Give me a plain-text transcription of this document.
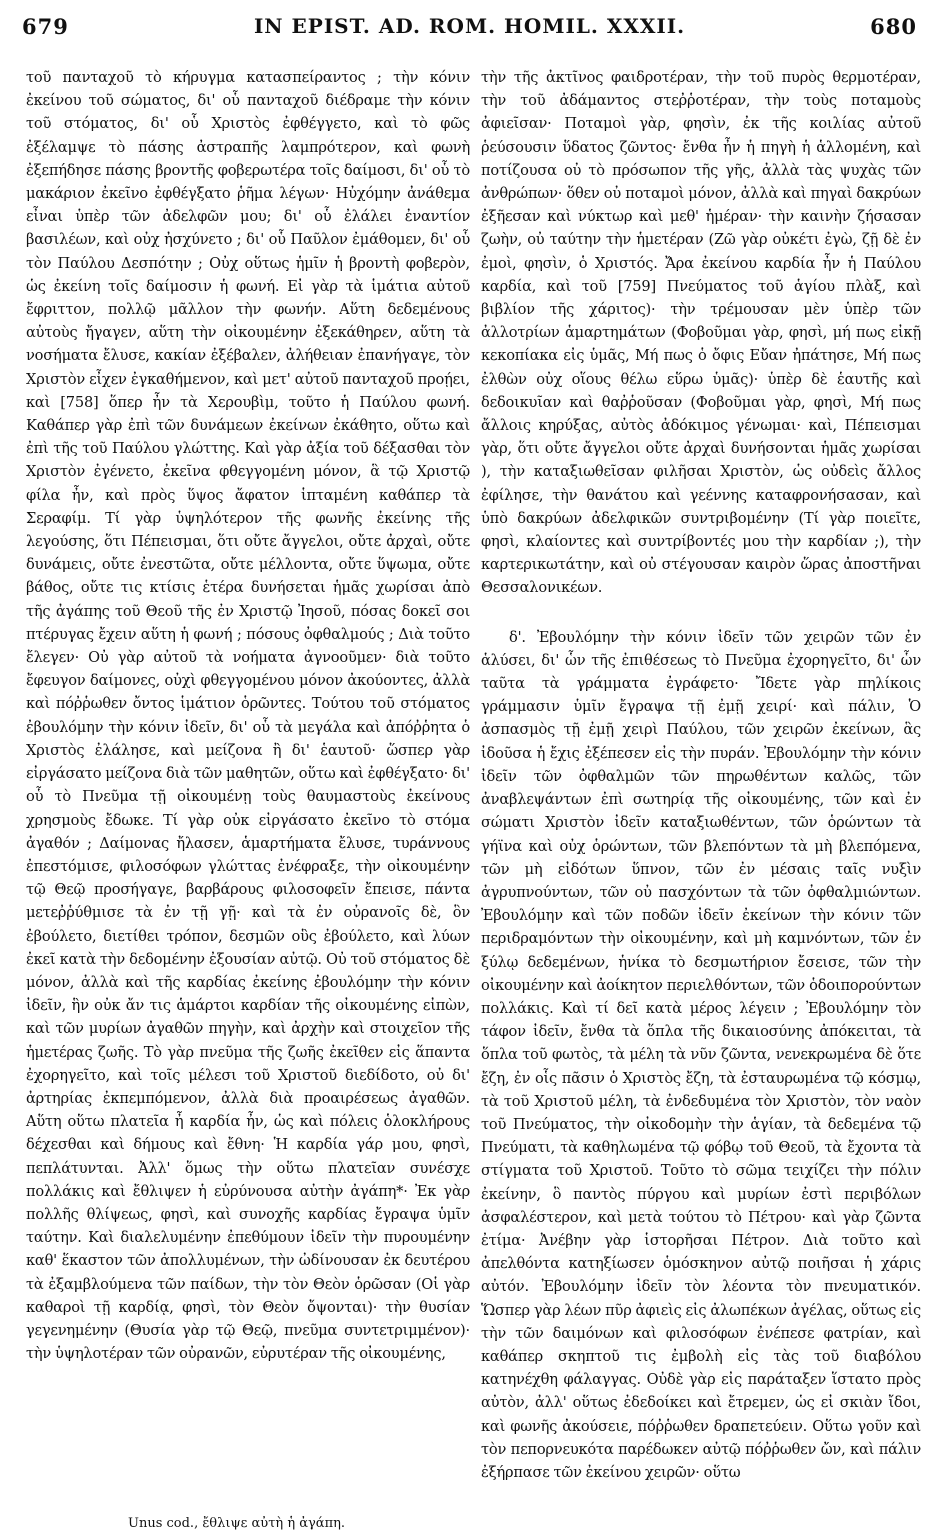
679	IN EPIST. AD. ROM. HOMIL. XXXII.	680

τοῦ πανταχοῦ τὸ κήρυγμα κατασπείραντος ; τὴν κόνιν ἐκείνου τοῦ σώματος, δι' οὗ πανταχοῦ διέδραμε τὴν κόνιν τοῦ στόματος, δι' οὗ Χριστὸς ἐφθέγγετο, καὶ τὸ φῶς ἐξέλαμψε τὸ πάσης ἀστραπῆς λαμπρότερον, καὶ φωνὴ ἐξεπήδησε πάσης βροντῆς φοβερωτέρα τοῖς δαίμοσι, δι' οὗ τὸ μακάριον ἐκεῖνο ἐφθέγξατο ῥῆμα λέγων· Ηὐχόμην ἀνάθεμα εἶναι ὑπὲρ τῶν ἀδελφῶν μου; δι' οὗ ἐλάλει ἐναντίον βασιλέων, καὶ οὐχ ἠσχύνετο ; δι' οὗ Παῦλον ἐμάθομεν, δι' οὗ τὸν Παύλου Δεσπότην ; Οὐχ οὕτως ἡμῖν ἡ βροντὴ φοβερὸν, ὡς ἐκείνη τοῖς δαίμοσιν ἡ φωνή. Εἰ γὰρ τὰ ἱμάτια αὐτοῦ ἔφριττον, πολλῷ μᾶλλον τὴν φωνήν. Αὕτη δεδεμένους αὐτοὺς ἤγαγεν, αὕτη τὴν οἰκουμένην ἐξεκάθηρεν, αὕτη τὰ νοσήματα ἔλυσε, κακίαν ἐξέβαλεν, ἀλήθειαν ἐπανήγαγε, τὸν Χριστὸν εἶχεν ἐγκαθήμενον, καὶ μετ' αὐτοῦ πανταχοῦ προῄει, καὶ [758] ὅπερ ἦν τὰ Χερουβὶμ, τοῦτο ἡ Παύλου φωνή. Καθάπερ γὰρ ἐπὶ τῶν δυνάμεων ἐκείνων ἐκάθητο, οὕτω καὶ ἐπὶ τῆς τοῦ Παύλου γλώττης. Καὶ γὰρ ἀξία τοῦ δέξασθαι τὸν Χριστὸν ἐγένετο, ἐκεῖνα φθεγγομένη μόνον, ἃ τῷ Χριστῷ φίλα ἦν, καὶ πρὸς ὕψος ἄφατον ἱπταμένη καθάπερ τὰ Σεραφίμ. Τί γὰρ ὑψηλότερον τῆς φωνῆς ἐκείνης τῆς λεγούσης, ὅτι Πέπεισμαι, ὅτι οὔτε ἄγγελοι, οὔτε ἀρχαὶ, οὔτε δυνάμεις, οὔτε ἐνεστῶτα, οὔτε μέλλοντα, οὔτε ὕψωμα, οὔτε βάθος, οὔτε τις κτίσις ἑτέρα δυνήσεται ἡμᾶς χωρίσαι ἀπὸ τῆς ἀγάπης τοῦ Θεοῦ τῆς ἐν Χριστῷ Ἰησοῦ, πόσας δοκεῖ σοι πτέρυγας ἔχειν αὕτη ἡ φωνή ; πόσους ὀφθαλμούς ; Διὰ τοῦτο ἔλεγεν· Οὐ γὰρ αὐτοῦ τὰ νοήματα ἀγνοοῦμεν· διὰ τοῦτο ἔφευγον δαίμονες, οὐχὶ φθεγγομένου μόνον ἀκούοντες, ἀλλὰ καὶ πόῤῥωθεν ὄντος ἱμάτιον ὁρῶντες. Τούτου τοῦ στόματος ἐβουλόμην τὴν κόνιν ἰδεῖν, δι' οὗ τὰ μεγάλα καὶ ἀπόῤῥητα ὁ Χριστὸς ἐλάλησε, καὶ μείζονα ἢ δι' ἑαυτοῦ· ὥσπερ γὰρ εἰργάσατο μείζονα διὰ τῶν μαθητῶν, οὕτω καὶ ἐφθέγξατο· δι' οὗ τὸ Πνεῦμα τῇ οἰκουμένῃ τοὺς θαυμαστοὺς ἐκείνους χρησμοὺς ἔδωκε. Τί γὰρ οὐκ εἰργάσατο ἐκεῖνο τὸ στόμα ἀγαθόν ; Δαίμονας ἤλασεν, ἁμαρτήματα ἔλυσε, τυράννους ἐπεστόμισε, φιλοσόφων γλώττας ἐνέφραξε, τὴν οἰκουμένην τῷ Θεῷ προσήγαγε, βαρβάρους φιλοσοφεῖν ἔπεισε, πάντα μετεῤῥύθμισε τὰ ἐν τῇ γῇ· καὶ τὰ ἐν οὐρανοῖς δὲ, ὃν ἐβούλετο, διετίθει τρόπον, δεσμῶν οὓς ἐβούλετο, καὶ λύων ἐκεῖ κατὰ τὴν δεδομένην ἐξουσίαν αὐτῷ. Οὐ τοῦ στόματος δὲ μόνον, ἀλλὰ καὶ τῆς καρδίας ἐκείνης ἐβουλόμην τὴν κόνιν ἰδεῖν, ἣν οὐκ ἄν τις ἁμάρτοι καρδίαν τῆς οἰκουμένης εἰπὼν, καὶ τῶν μυρίων ἀγαθῶν πηγὴν, καὶ ἀρχὴν καὶ στοιχεῖον τῆς ἡμετέρας ζωῆς. Τὸ γὰρ πνεῦμα τῆς ζωῆς ἐκεῖθεν εἰς ἅπαντα ἐχορηγεῖτο, καὶ τοῖς μέλεσι τοῦ Χριστοῦ διεδίδοτο, οὐ δι' ἀρτηρίας ἐκπεμπόμενον, ἀλλὰ διὰ προαιρέσεως ἀγαθῶν. Αὕτη οὕτω πλατεῖα ἦ καρδία ἦν, ὡς καὶ πόλεις ὁλοκλήρους δέχεσθαι καὶ δήμους καὶ ἔθνη· Ἡ καρδία γάρ μου, φησὶ, πεπλάτυνται. Ἀλλ' ὅμως τὴν οὕτω πλατεῖαν συνέσχε πολλάκις καὶ ἔθλιψεν ἡ εὐρύνουσα αὐτὴν ἀγάπη*· Ἐκ γὰρ πολλῆς θλίψεως, φησὶ, καὶ συνοχῆς καρδίας ἔγραψα ὑμῖν ταύτην. Καὶ διαλελυμένην ἐπεθύμουν ἰδεῖν τὴν πυρουμένην καθ' ἕκαστον τῶν ἀπολλυμένων, τὴν ὠδίνουσαν ἐκ δευτέρου τὰ ἐξαμβλούμενα τῶν παίδων, τὴν τὸν Θεὸν ὁρῶσαν (Οἱ γὰρ καθαροὶ τῇ καρδίᾳ, φησὶ, τὸν Θεὸν ὄψονται)· τὴν θυσίαν γεγενημένην (Θυσία γὰρ τῷ Θεῷ, πνεῦμα συντετριμμένον)· τὴν ὑψηλοτέραν τῶν οὐρανῶν, εὐρυτέραν τῆς οἰκουμένης,

τὴν τῆς ἀκτῖνος φαιδροτέραν, τὴν τοῦ πυρὸς θερμοτέραν, τὴν τοῦ ἀδάμαντος στεῤῥοτέραν, τὴν τοὺς ποταμοὺς ἀφιεῖσαν· Ποταμοὶ γὰρ, φησὶν, ἐκ τῆς κοιλίας αὐτοῦ ῥεύσουσιν ὕδατος ζῶντος· ἔνθα ἦν ἡ πηγὴ ἡ ἁλλομένη, καὶ ποτίζουσα οὐ τὸ πρόσωπον τῆς γῆς, ἀλλὰ τὰς ψυχὰς τῶν ἀνθρώπων· ὅθεν οὐ ποταμοὶ μόνον, ἀλλὰ καὶ πηγαὶ δακρύων ἐξῆεσαν καὶ νύκτωρ καὶ μεθ' ἡμέραν· τὴν καινὴν ζήσασαν ζωὴν, οὐ ταύτην τὴν ἡμετέραν (Ζῶ γὰρ οὐκέτι ἐγὼ, ζῇ δὲ ἐν ἐμοὶ, φησὶν, ὁ Χριστός. Ἄρα ἐκείνου καρδία ἦν ἡ Παύλου καρδία, καὶ τοῦ [759] Πνεύματος τοῦ ἁγίου πλὰξ, καὶ βιβλίον τῆς χάριτος)· τὴν τρέμουσαν μὲν ὑπὲρ τῶν ἀλλοτρίων ἁμαρτημάτων (Φοβοῦμαι γὰρ, φησὶ, μή πως εἰκῇ κεκοπίακα εἰς ὑμᾶς, Μή πως ὁ ὄφις Εὔαν ἠπάτησε, Μή πως ἐλθὼν οὐχ οἵους θέλω εὕρω ὑμᾶς)· ὑπὲρ δὲ ἑαυτῆς καὶ δεδοικυῖαν καὶ θαῤῥοῦσαν (Φοβοῦμαι γὰρ, φησὶ, Μή πως ἄλλοις κηρύξας, αὐτὸς ἀδόκιμος γένωμαι· καὶ, Πέπεισμαι γὰρ, ὅτι οὔτε ἄγγελοι οὔτε ἀρχαὶ δυνήσονται ἡμᾶς χωρίσαι ), τὴν καταξιωθεῖσαν φιλῆσαι Χριστὸν, ὡς οὐδεὶς ἄλλος ἐφίλησε, τὴν θανάτου καὶ γεέννης καταφρονήσασαν, καὶ ὑπὸ δακρύων ἀδελφικῶν συντριβομένην (Τί γὰρ ποιεῖτε, φησὶ, κλαίοντες καὶ συντρίβοντές μου τὴν καρδίαν ;), τὴν καρτερικωτάτην, καὶ οὐ στέγουσαν καιρὸν ὥρας ἀποστῆναι Θεσσαλονικέων.

δ'. Ἐβουλόμην τὴν κόνιν ἰδεῖν τῶν χειρῶν τῶν ἐν ἁλύσει, δι' ὧν τῆς ἐπιθέσεως τὸ Πνεῦμα ἐχορηγεῖτο, δι' ὧν ταῦτα τὰ γράμματα ἐγράφετο· Ἴδετε γὰρ πηλίκοις γράμμασιν ὑμῖν ἔγραψα τῇ ἐμῇ χειρί· καὶ πάλιν, Ὁ ἀσπασμὸς τῇ ἐμῇ χειρὶ Παύλου, τῶν χειρῶν ἐκείνων, ἃς ἰδοῦσα ἡ ἔχις ἐξέπεσεν εἰς τὴν πυράν. Ἐβουλόμην τὴν κόνιν ἰδεῖν τῶν ὀφθαλμῶν τῶν πηρωθέντων καλῶς, τῶν ἀναβλεψάντων ἐπὶ σωτηρίᾳ τῆς οἰκουμένης, τῶν καὶ ἐν σώματι Χριστὸν ἰδεῖν καταξιωθέντων, τῶν ὁρώντων τὰ γήϊνα καὶ οὐχ ὁρώντων, τῶν βλεπόντων τὰ μὴ βλεπόμενα, τῶν μὴ εἰδότων ὕπνον, τῶν ἐν μέσαις ταῖς νυξὶν ἀγρυπνούντων, τῶν οὐ πασχόντων τὰ τῶν ὀφθαλμιώντων. Ἐβουλόμην καὶ τῶν ποδῶν ἰδεῖν ἐκείνων τὴν κόνιν τῶν περιδραμόντων τὴν οἰκουμένην, καὶ μὴ καμνόντων, τῶν ἐν ξύλῳ δεδεμένων, ἡνίκα τὸ δεσμωτήριον ἔσεισε, τῶν τὴν οἰκουμένην καὶ ἀοίκητον περιελθόντων, τῶν ὁδοιπορούντων πολλάκις. Καὶ τί δεῖ κατὰ μέρος λέγειν ; Ἐβουλόμην τὸν τάφον ἰδεῖν, ἔνθα τὰ ὅπλα τῆς δικαιοσύνης ἀπόκειται, τὰ ὅπλα τοῦ φωτὸς, τὰ μέλη τὰ νῦν ζῶντα, νενεκρωμένα δὲ ὅτε ἔζη, ἐν οἷς πᾶσιν ὁ Χριστὸς ἔζη, τὰ ἐσταυρωμένα τῷ κόσμῳ, τὰ τοῦ Χριστοῦ μέλη, τὰ ἐνδεδυμένα τὸν Χριστὸν, τὸν ναὸν τοῦ Πνεύματος, τὴν οἰκοδομὴν τὴν ἁγίαν, τὰ δεδεμένα τῷ Πνεύματι, τὰ καθηλωμένα τῷ φόβῳ τοῦ Θεοῦ, τὰ ἔχοντα τὰ στίγματα τοῦ Χριστοῦ. Τοῦτο τὸ σῶμα τειχίζει τὴν πόλιν ἐκείνην, ὃ παντὸς πύργου καὶ μυρίων ἐστὶ περιβόλων ἀσφαλέστερον, καὶ μετὰ τούτου τὸ Πέτρου· καὶ γὰρ ζῶντα ἐτίμα· Ἀνέβην γὰρ ἱστορῆσαι Πέτρον. Διὰ τοῦτο καὶ ἀπελθόντα κατηξίωσεν ὁμόσκηνον αὐτῷ ποιῆσαι ἡ χάρις αὐτόν. Ἐβουλόμην ἰδεῖν τὸν λέοντα τὸν πνευματικόν. Ὥσπερ γὰρ λέων πῦρ ἀφιεὶς εἰς ἀλωπέκων ἀγέλας, οὕτως εἰς τὴν τῶν δαιμόνων καὶ φιλοσόφων ἐνέπεσε φατρίαν, καὶ καθάπερ σκηπτοῦ τις ἐμβολὴ εἰς τὰς τοῦ διαβόλου κατηνέχθη φάλαγγας. Οὐδὲ γὰρ εἰς παράταξεν ἵστατο πρὸς αὐτὸν, ἀλλ' οὕτως ἐδεδοίκει καὶ ἔτρεμεν, ὡς εἰ σκιὰν ἴδοι, καὶ φωνῆς ἀκούσειε, πόῤῥωθεν δραπετεύειν. Οὕτω γοῦν καὶ τὸν πεπορνευκότα παρέδωκεν αὐτῷ πόῤῥωθεν ὤν, καὶ πάλιν ἐξήρπασε τῶν ἐκείνου χειρῶν· οὕτω

Unus cod., ἔθλιψε αὐτὴ ἡ ἀγάπη.
